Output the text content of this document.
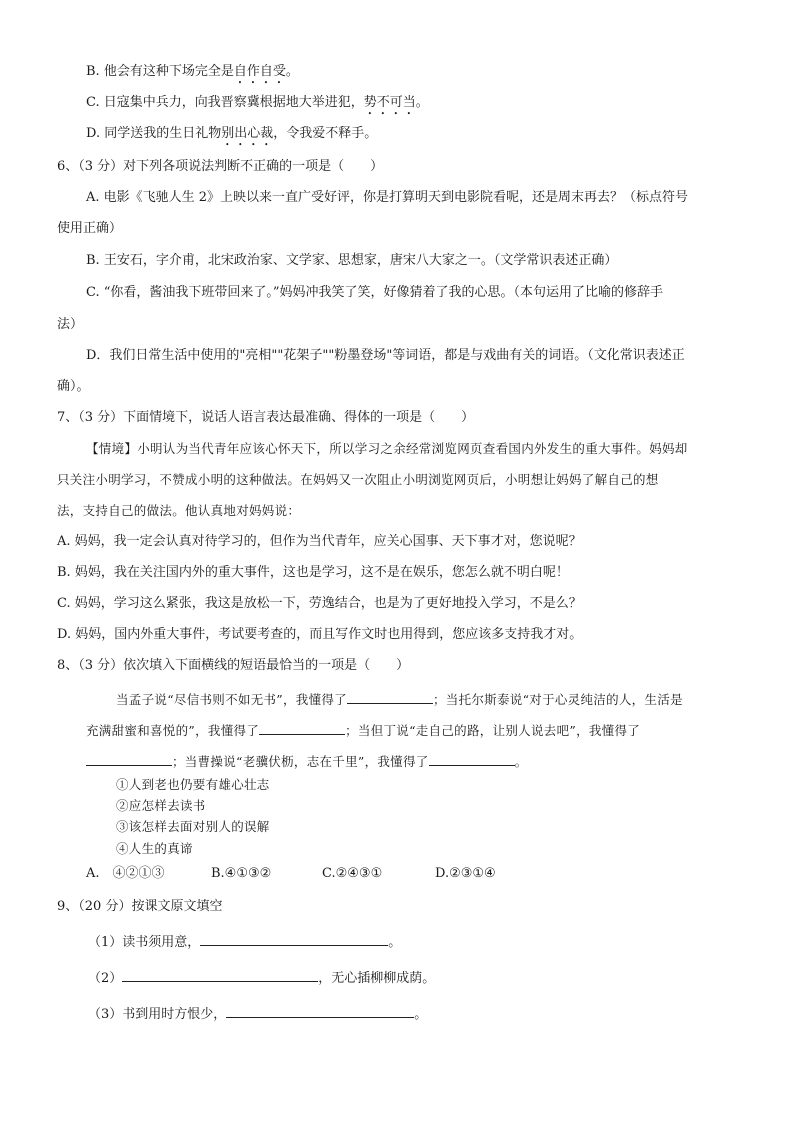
B. 他会有这种下场完全是自作自受。
C. 日寇集中兵力，向我晋察冀根据地大举进犯，势不可当。
D. 同学送我的生日礼物别出心裁，令我爱不释手。
6、（3 分）对下列各项说法判断不正确的一项是（　　）
A. 电影《飞驰人生 2》上映以来一直广受好评，你是打算明天到电影院看呢，还是周末再去？（标点符号
使用正确）
B. 王安石，字介甫，北宋政治家、文学家、思想家，唐宋八大家之一。（文学常识表述正确）
C. “你看，酱油我下班带回来了。”妈妈冲我笑了笑，好像猜着了我的心思。（本句运用了比喻的修辞手
法）
D．我们日常生活中使用的"亮相""花架子""粉墨登场"等词语，都是与戏曲有关的词语。（文化常识表述正
确）。
7、（3 分）下面情境下，说话人语言表达最准确、得体的一项是（　　）
【情境】小明认为当代青年应该心怀天下，所以学习之余经常浏览网页查看国内外发生的重大事件。妈妈却
只关注小明学习，不赞成小明的这种做法。在妈妈又一次阻止小明浏览网页后，小明想让妈妈了解自己的想
法，支持自己的做法。他认真地对妈妈说：
A. 妈妈，我一定会认真对待学习的，但作为当代青年，应关心国事、天下事才对，您说呢？
B. 妈妈，我在关注国内外的重大事件，这也是学习，这不是在娱乐，您怎么就不明白呢！
C. 妈妈，学习这么紧张，我这是放松一下，劳逸结合，也是为了更好地投入学习，不是么？
D. 妈妈，国内外重大事件，考试要考查的，而且写作文时也用得到，您应该多支持我才对。
8、（3 分）依次填入下面横线的短语最恰当的一项是（　　）
当孟子说“尽信书则不如无书”，我懂得了	；当托尔斯泰说“对于心灵纯洁的人，生活是
充满甜蜜和喜悦的”，我懂得了	；当但丁说“走自己的路，让别人说去吧”，我懂得了
；当曹操说“老骥伏枥，志在千里”，我懂得了	。
①人到老也仍要有雄心壮志
②应怎样去读书
③该怎样去面对别人的误解
④人生的真谛
A.　④②①③	B.④①③②	C.②④③①	D.②③①④
9、（20 分）按课文原文填空
（1）读书须用意，	。
（2）	，无心插柳柳成荫。
（3）书到用时方恨少，	。
